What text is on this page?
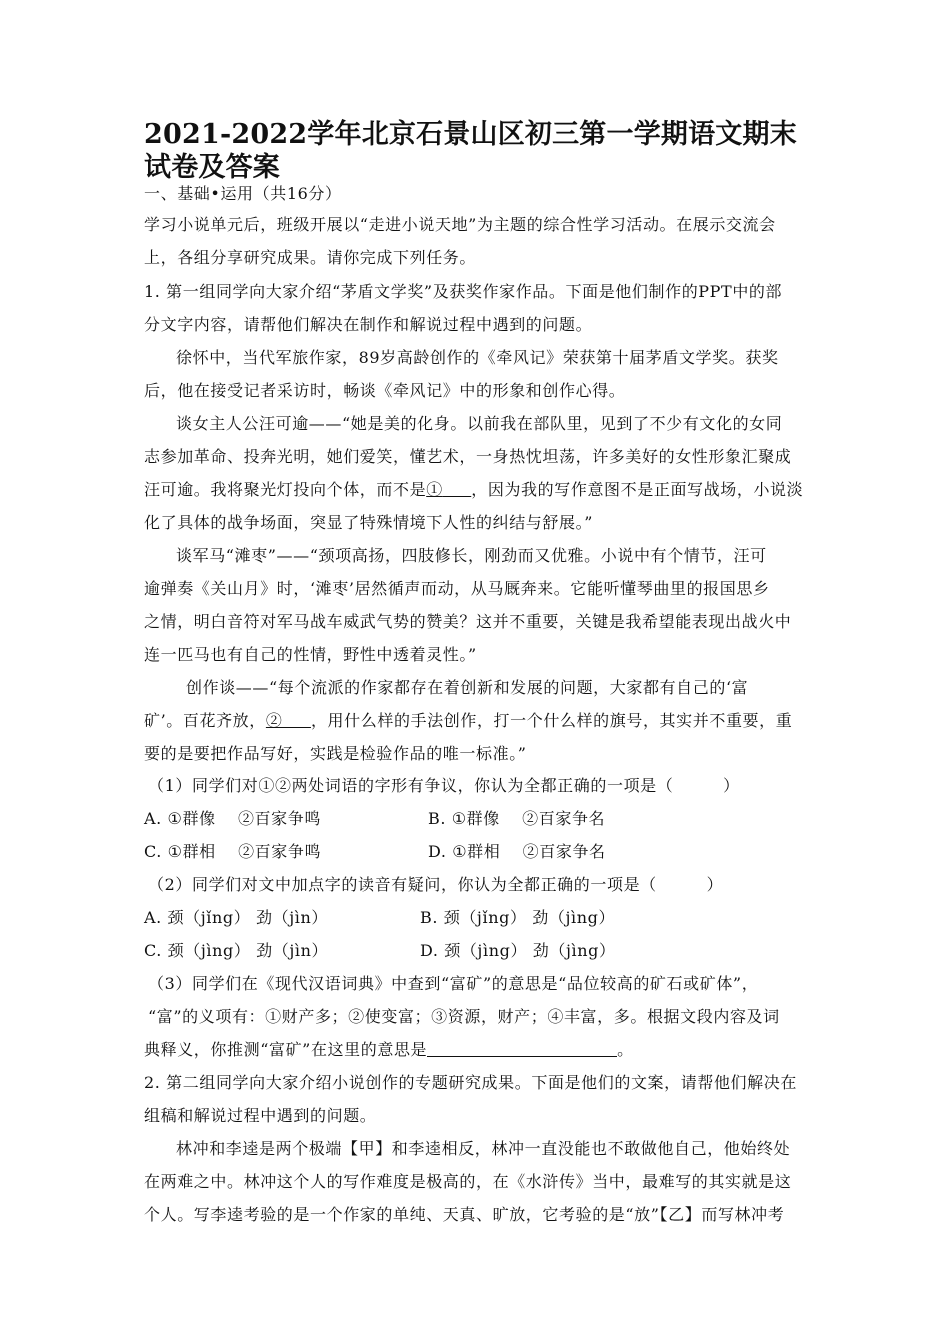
2021-2022学年北京石景山区初三第一学期语文期末试卷及答案
一、基础•运用（共16分）
学习小说单元后，班级开展以“走进小说天地”为主题的综合性学习活动。在展示交流会
上，各组分享研究成果。请你完成下列任务。
1. 第一组同学向大家介绍“茅盾文学奖”及获奖作家作品。下面是他们制作的PPT中的部
分文字内容，请帮他们解决在制作和解说过程中遇到的问题。
徐怀中，当代军旅作家，89岁高龄创作的《牵风记》荣获第十届茅盾文学奖。获奖
后，他在接受记者采访时，畅谈《牵风记》中的形象和创作心得。
谈女主人公汪可逾——“她是美的化身。以前我在部队里，见到了不少有文化的女同
志参加革命、投奔光明，她们爱笑，懂艺术，一身热忱坦荡，许多美好的女性形象汇聚成
汪可逾。我将聚光灯投向个体，而不是① ，因为我的写作意图不是正面写战场，小说淡
化了具体的战争场面，突显了特殊情境下人性的纠结与舒展。”
谈军马“滩枣”——“颈项高扬，四肢修长，刚劲而又优雅。小说中有个情节，汪可
逾弹奏《关山月》时，‘滩枣’居然循声而动，从马厩奔来。它能听懂琴曲里的报国思乡
之情，明白音符对军马战车威武气势的赞美？这并不重要，关键是我希望能表现出战火中
连一匹马也有自己的性情，野性中透着灵性。”
创作谈——“每个流派的作家都存在着创新和发展的问题，大家都有自己的‘富
矿’。百花齐放，② ，用什么样的手法创作，打一个什么样的旗号，其实并不重要，重
要的是要把作品写好，实践是检验作品的唯一标准。”
（1）同学们对①②两处词语的字形有争议，你认为全都正确的一项是（　　　）
A. ①群像　 ②百家争鸣	B. ①群像　 ②百家争名
C. ①群相　 ②百家争鸣	D. ①群相　 ②百家争名
（2）同学们对文中加点字的读音有疑问，你认为全都正确的一项是（　　　）
A. 颈（jǐng） 劲（jìn）	B. 颈（jǐng） 劲（jìng）
C. 颈（jìng） 劲（jìn）	D. 颈（jìng） 劲（jìng）
（3）同学们在《现代汉语词典》中查到“富矿”的意思是“品位较高的矿石或矿体”，
“富”的义项有：①财产多；②使变富；③资源，财产；④丰富，多。根据文段内容及词
典释义，你推测“富矿”在这里的意思是	。
2. 第二组同学向大家介绍小说创作的专题研究成果。下面是他们的文案，请帮他们解决在
组稿和解说过程中遇到的问题。
林冲和李逵是两个极端【甲】和李逵相反，林冲一直没能也不敢做他自己，他始终处
在两难之中。林冲这个人的写作难度是极高的，在《水浒传》当中，最难写的其实就是这
个人。写李逵考验的是一个作家的单纯、天真、旷放，它考验的是“放”【乙】而写林冲考
